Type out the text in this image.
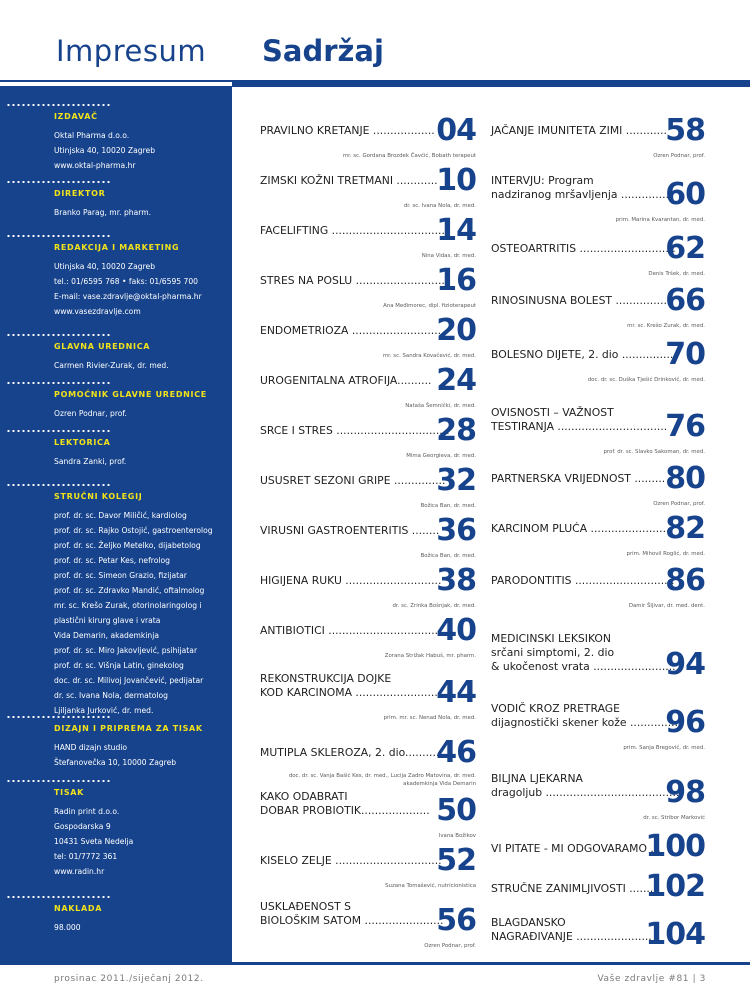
Impresum
IZDAVAČ
Oktal Pharma d.o.o.
Utinjska 40, 10020 Zagreb
www.oktal-pharma.hr
DIREKTOR
Branko Parag, mr. pharm.
REDAKCIJA I MARKETING
Utinjska 40, 10020 Zagreb
tel.: 01/6595 768 • faks: 01/6595 700
E-mail: vase.zdravlje@oktal-pharma.hr
www.vasezdravlje.com
GLAVNA UREDNICA
Carmen Rivier-Zurak, dr. med.
POMOĆNIK GLAVNE UREDNICE
Ozren Podnar, prof.
LEKTORICA
Sandra Zanki, prof.
STRUČNI KOLEGIJ
prof. dr. sc. Davor Miličić, kardiolog
prof. dr. sc. Rajko Ostojić, gastroenterolog
prof. dr. sc. Željko Metelko, dijabetolog
prof. dr. sc. Petar Kes, nefrolog
prof. dr. sc. Simeon Grazio, fizijatar
prof. dr. sc. Zdravko Mandić, oftalmolog
mr. sc. Krešo Zurak, otorinolaringolog i
plastični kirurg glave i vrata
Vida Demarin, akademkinja
prof. dr. sc. Miro Jakovljević, psihijatar
prof. dr. sc. Višnja Latin, ginekolog
doc. dr. sc. Milivoj Jovančević, pedijatar
dr. sc. Ivana Nola, dermatolog
Ljiljanka Jurković, dr. med.
DIZAJN I PRIPREMA ZA TISAK
HAND dizajn studio
Štefanovečka 10, 10000 Zagreb
TISAK
Radin print d.o.o.
Gospodarska 9
10431 Sveta Nedelja
tel: 01/7772 361
www.radin.hr
NAKLADA
98.000
Sadržaj
PRAVILNO KRETANJE .................. 04
mr. sc. Gordana Brozdek Čavčić, Bobath terapeut
ZIMSKI KOŽNI TRETMANI ............
10
dr. sc. Ivana Nola, dr. med.
FACELIFTING ..................................
14
Nina Vidas, dr. med.
STRES NA POSLU ..........................
16
Ana Međimorec, dipl. fizioterapeut
ENDOMETRIOZA ...........................
20
mr. sc. Sandra Kovačević, dr. med.
UROGENITALNA ATROFIJA.......... 24
Nataša Šemnički, dr. med.
SRCE I STRES .................................
28
Mima Georgieva, dr. med.
USUSRET SEZONI GRIPE ...............
32
Božica Ban, dr. med.
VIRUSNI GASTROENTERITIS ........
36
Božica Ban, dr. med.
HIGIJENA RUKU ............................
38
dr. sc. Zrinka Bošnjak, dr. med.
ANTIBIOTICI ....................................
40
Zorana Strižak Habuš, mr. pharm.
REKONSTRUKCIJA DOJKE
KOD KARCINOMA ........................
44
prim. mr. sc. Nenad Nola, dr. med.
MUTIPLA SKLEROZA, 2. dio..........
46
doc. dr. sc. Vanja Bašić Kes, dr. med., Lucija Zadro Matovina, dr. med.
akademkinja Vida Demarin
KAKO ODABRATI
DOBAR PROBIOTIK.................... 50
Ivana Božikov
KISELO ZELJE ...............................
52
Suzana Tomašević, nutricionistica
USKLAĐENOST S
BIOLOŠKIM SATOM .......................
56
Ozren Podnar, prof.
JAČANJE IMUNITETA ZIMI ............
58
Ozren Podnar, prof.
INTERVJU: Program
nadziranog mršavljenja ...............
60
prim. Marina Kvarantan, dr. med.
OSTEOARTRITIS ............................
62
Denis Tršek, dr. med.
RINOSINUSNA BOLEST ...............
66
mr. sc. Krešo Zurak, dr. med.
BOLESNO DIJETE, 2. dio ...............
70
doc. dr. sc. Duška Tješić Drinković, dr. med.
OVISNOSTI – VAŽNOST
TESTIRANJA ................................
76
prof. dr. sc. Slavko Sakoman, dr. med.
PARTNERSKA VRIJEDNOST ......... 80
Ozren Podnar, prof.
KARCINOM PLUĆA .......................
82
prim. Mihovil Roglić, dr. med.
PARODONTITIS .............................
86
Damir Šljivar, dr. med. dent.
MEDICINSKI LEKSIKON
srčani simptomi, 2. dio
& ukočenost vrata ..........................
94
VODIČ KROZ PRETRAGE
dijagnostički skener kože ..............
96
prim. Sanja Bregović, dr. med.
BILJNA LJEKARNA
dragoljub .......................................
98
dr. sc. Stribor Marković
VI PITATE - MI ODGOVARAMO ...
100
STRUČNE ZANIMLJIVOSTI .......
102
BLAGDANSKO
NAGRAĐIVANJE ......................
104
prosinac 2011./siječanj 2012.	Vaše zdravlje #81 | 3
